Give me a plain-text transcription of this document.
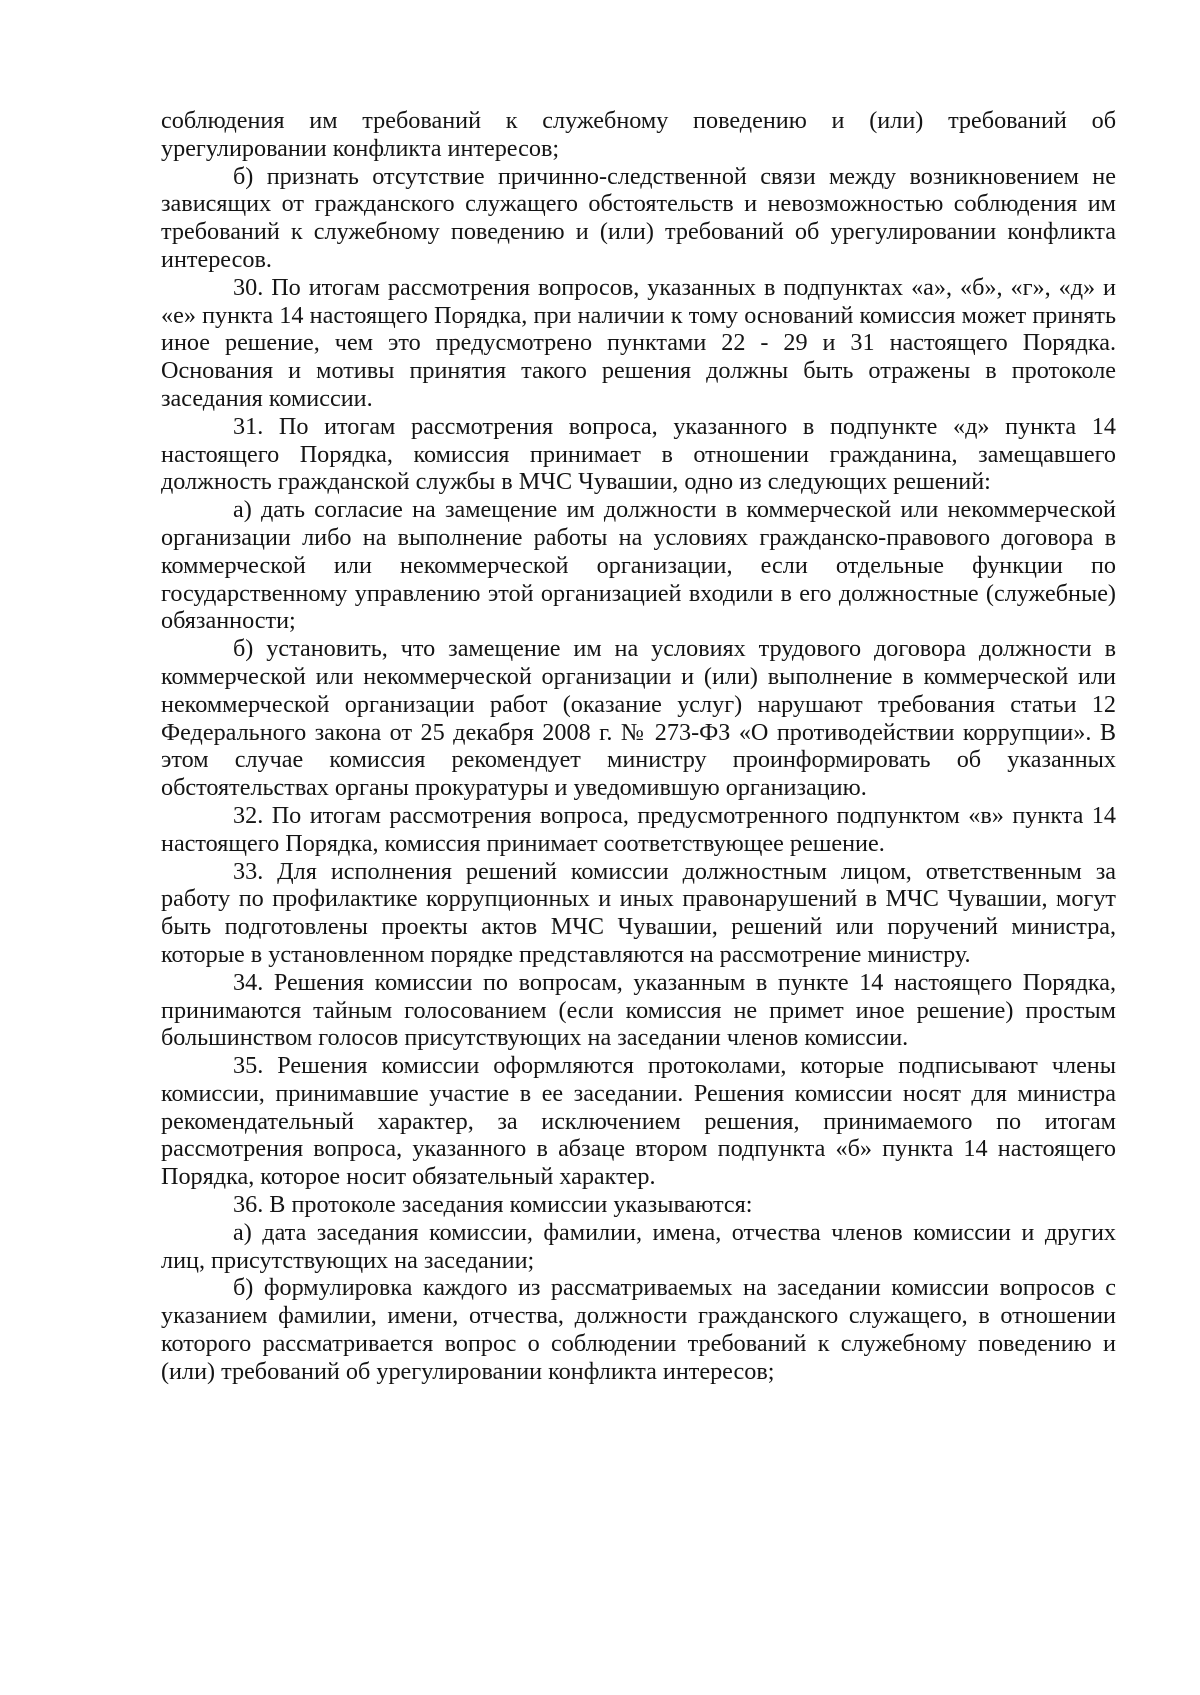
соблюдения им требований к служебному поведению и (или) требований об урегулировании конфликта интересов;

б) признать отсутствие причинно-следственной связи между возникновением не зависящих от гражданского служащего обстоятельств и невозможностью соблюдения им требований к служебному поведению и (или) требований об урегулировании конфликта интересов.

30. По итогам рассмотрения вопросов, указанных в подпунктах «а», «б», «г», «д» и «е» пункта 14 настоящего Порядка, при наличии к тому оснований комиссия может принять иное решение, чем это предусмотрено пунктами 22 - 29 и 31 настоящего Порядка. Основания и мотивы принятия такого решения должны быть отражены в протоколе заседания комиссии.

31. По итогам рассмотрения вопроса, указанного в подпункте «д» пункта 14 настоящего Порядка, комиссия принимает в отношении гражданина, замещавшего должность гражданской службы в МЧС Чувашии, одно из следующих решений:

а) дать согласие на замещение им должности в коммерческой или некоммерческой организации либо на выполнение работы на условиях гражданско-правового договора в коммерческой или некоммерческой организации, если отдельные функции по государственному управлению этой организацией входили в его должностные (служебные) обязанности;

б) установить, что замещение им на условиях трудового договора должности в коммерческой или некоммерческой организации и (или) выполнение в коммерческой или некоммерческой организации работ (оказание услуг) нарушают требования статьи 12 Федерального закона от 25 декабря 2008 г. № 273-ФЗ «О противодействии коррупции». В этом случае комиссия рекомендует министру проинформировать об указанных обстоятельствах органы прокуратуры и уведомившую организацию.

32. По итогам рассмотрения вопроса, предусмотренного подпунктом «в» пункта 14 настоящего Порядка, комиссия принимает соответствующее решение.

33. Для исполнения решений комиссии должностным лицом, ответственным за работу по профилактике коррупционных и иных правонарушений в МЧС Чувашии, могут быть подготовлены проекты актов МЧС Чувашии, решений или поручений министра, которые в установленном порядке представляются на рассмотрение министру.

34. Решения комиссии по вопросам, указанным в пункте 14 настоящего Порядка, принимаются тайным голосованием (если комиссия не примет иное решение) простым большинством голосов присутствующих на заседании членов комиссии.

35. Решения комиссии оформляются протоколами, которые подписывают члены комиссии, принимавшие участие в ее заседании. Решения комиссии носят для министра рекомендательный характер, за исключением решения, принимаемого по итогам рассмотрения вопроса, указанного в абзаце втором подпункта «б» пункта 14 настоящего Порядка, которое носит обязательный характер.

36. В протоколе заседания комиссии указываются:

а) дата заседания комиссии, фамилии, имена, отчества членов комиссии и других лиц, присутствующих на заседании;

б) формулировка каждого из рассматриваемых на заседании комиссии вопросов с указанием фамилии, имени, отчества, должности гражданского служащего, в отношении которого рассматривается вопрос о соблюдении требований к служебному поведению и (или) требований об урегулировании конфликта интересов;
